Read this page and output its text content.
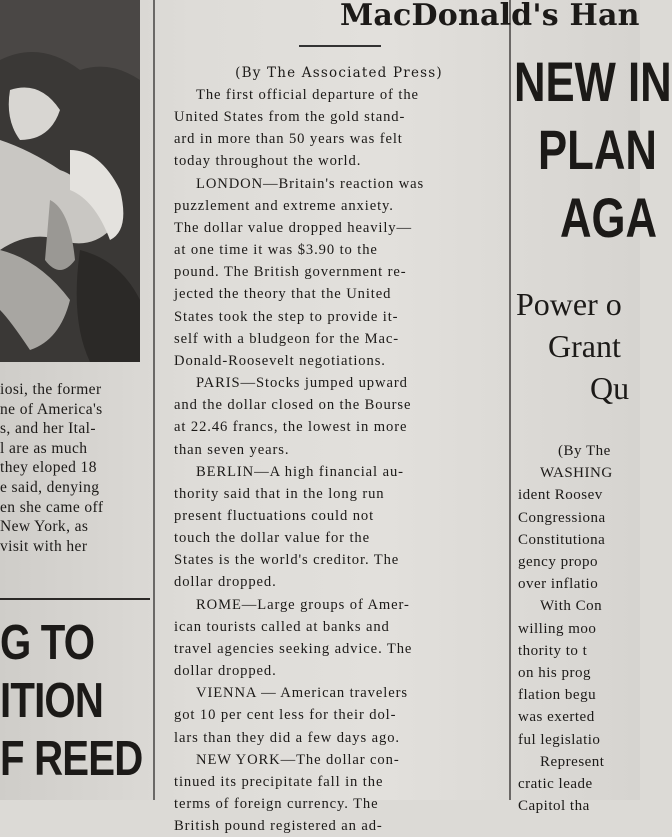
iosi, the former
ne of America's
s, and her Ital-
l are as much
they eloped 18
e said, denying
en she came off
New York, as
visit with her
G TO
ITION
F REED
MacDonald's Han
(By The Associated Press)
The first official departure of the
United States from the gold stand-
ard in more than 50 years was felt
today throughout the world.
LONDON—Britain's reaction was
puzzlement and extreme anxiety.
The dollar value dropped heavily—
at one time it was $3.90 to the
pound. The British government re-
jected the theory that the United
States took the step to provide it-
self with a bludgeon for the Mac-
Donald-Roosevelt negotiations.
PARIS—Stocks jumped upward
and the dollar closed on the Bourse
at 22.46 francs, the lowest in more
than seven years.
BERLIN—A high financial au-
thority said that in the long run
present fluctuations could not
touch the dollar value for the
States is the world's creditor. The
dollar dropped.
ROME—Large groups of Amer-
ican tourists called at banks and
travel agencies seeking advice. The
dollar dropped.
VIENNA — American travelers
got 10 per cent less for their dol-
lars than they did a few days ago.
NEW YORK—The dollar con-
tinued its precipitate fall in the
terms of foreign currency. The
British pound registered an ad-
NEW IN
PLAN
AGA
Power o
Grant
Qu
(By The
WASHING
ident Roosev
Congressiona
Constitutiona
gency propo
over inflatio
With Con
willing moo
thority to t
on his prog
flation begu
was exerted
ful legislatio
Represent
cratic leade
Capitol tha
